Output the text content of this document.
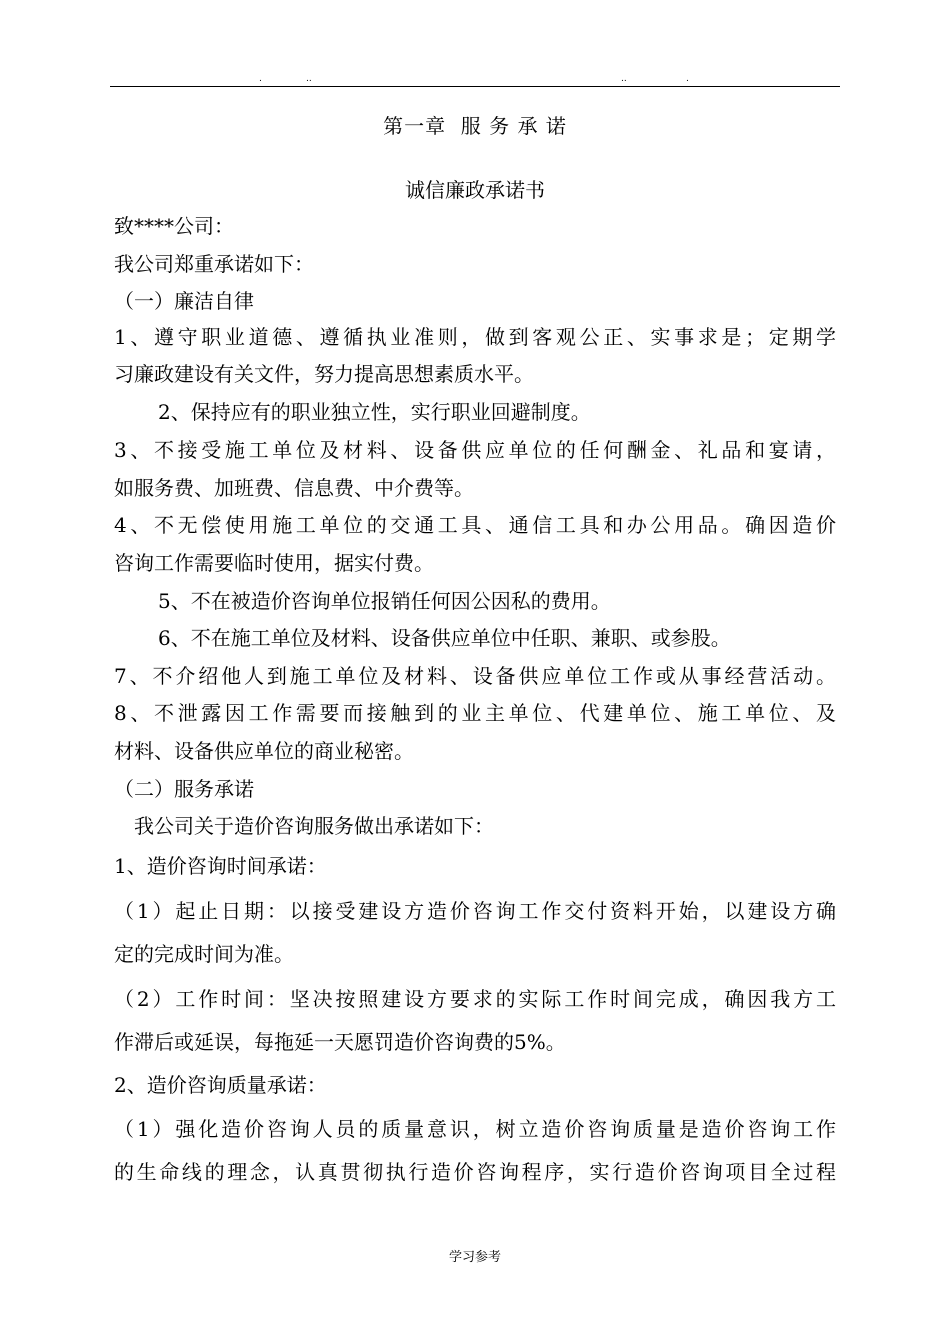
.	..	..	.
第一章  服 务 承 诺
诚信廉政承诺书
致****公司：
我公司郑重承诺如下：
（一）廉洁自律
1、遵守职业道德、遵循执业准则，做到客观公正、实事求是；定期学
习廉政建设有关文件，努力提高思想素质水平。
2、保持应有的职业独立性，实行职业回避制度。
3、不接受施工单位及材料、设备供应单位的任何酬金、礼品和宴请，
如服务费、加班费、信息费、中介费等。
4、不无偿使用施工单位的交通工具、通信工具和办公用品。确因造价
咨询工作需要临时使用，据实付费。
5、不在被造价咨询单位报销任何因公因私的费用。
6、不在施工单位及材料、设备供应单位中任职、兼职、或参股。
7、不介绍他人到施工单位及材料、设备供应单位工作或从事经营活动。
8、不泄露因工作需要而接触到的业主单位、代建单位、施工单位、及
材料、设备供应单位的商业秘密。
（二）服务承诺
我公司关于造价咨询服务做出承诺如下：
1、造价咨询时间承诺：
（1）起止日期：以接受建设方造价咨询工作交付资料开始，以建设方确
定的完成时间为准。
（2）工作时间：坚决按照建设方要求的实际工作时间完成，确因我方工
作滞后或延误，每拖延一天愿罚造价咨询费的5%。
2、造价咨询质量承诺：
（1）强化造价咨询人员的质量意识，树立造价咨询质量是造价咨询工作
的生命线的理念，认真贯彻执行造价咨询程序，实行造价咨询项目全过程
学习参考
